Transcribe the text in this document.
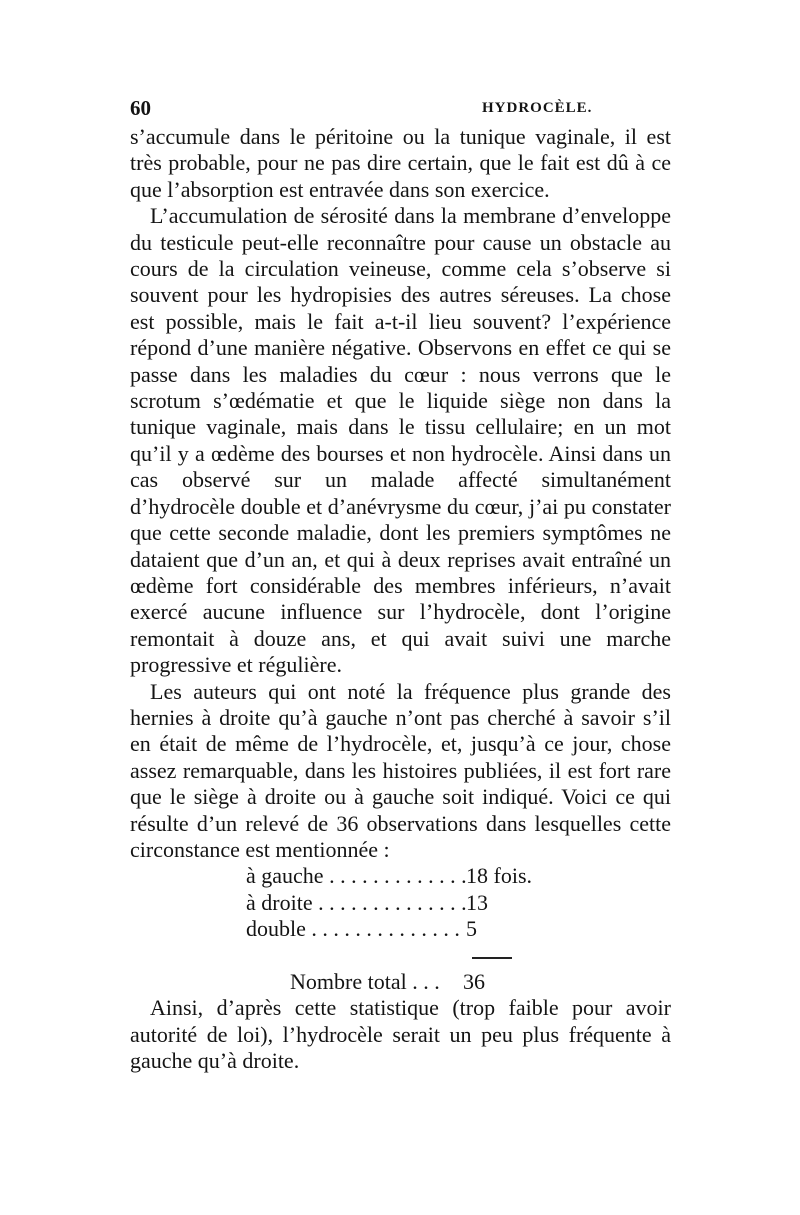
60	HYDROCÈLE.

s’accumule dans le péritoine ou la tunique vaginale, il est très probable, pour ne pas dire certain, que le fait est dû à ce que l’absorption est entravée dans son exercice.

L’accumulation de sérosité dans la membrane d’enveloppe du testicule peut-elle reconnaître pour cause un obstacle au cours de la circulation veineuse, comme cela s’observe si souvent pour les hydropisies des autres séreuses. La chose est possible, mais le fait a-t-il lieu souvent? l’expérience répond d’une manière négative. Observons en effet ce qui se passe dans les maladies du cœur : nous verrons que le scrotum s’œdématie et que le liquide siège non dans la tunique vaginale, mais dans le tissu cellulaire; en un mot qu’il y a œdème des bourses et non hydrocèle. Ainsi dans un cas observé sur un malade affecté simultanément d’hydrocèle double et d’anévrysme du cœur, j’ai pu constater que cette seconde maladie, dont les premiers symptômes ne dataient que d’un an, et qui à deux reprises avait entraîné un œdème fort considérable des membres inférieurs, n’avait exercé aucune influence sur l’hydrocèle, dont l’origine remontait à douze ans, et qui avait suivi une marche progressive et régulière.

Les auteurs qui ont noté la fréquence plus grande des hernies à droite qu’à gauche n’ont pas cherché à savoir s’il en était de même de l’hydrocèle, et, jusqu’à ce jour, chose assez remarquable, dans les histoires publiées, il est fort rare que le siège à droite ou à gauche soit indiqué. Voici ce qui résulte d’un relevé de 36 observations dans lesquelles cette circonstance est mentionnée :

à gauche . . .	18 fois.
à droite . . .	13
double . . .	5
Nombre total . . .	36

Ainsi, d’après cette statistique (trop faible pour avoir autorité de loi), l’hydrocèle serait un peu plus fréquente à gauche qu’à droite.
